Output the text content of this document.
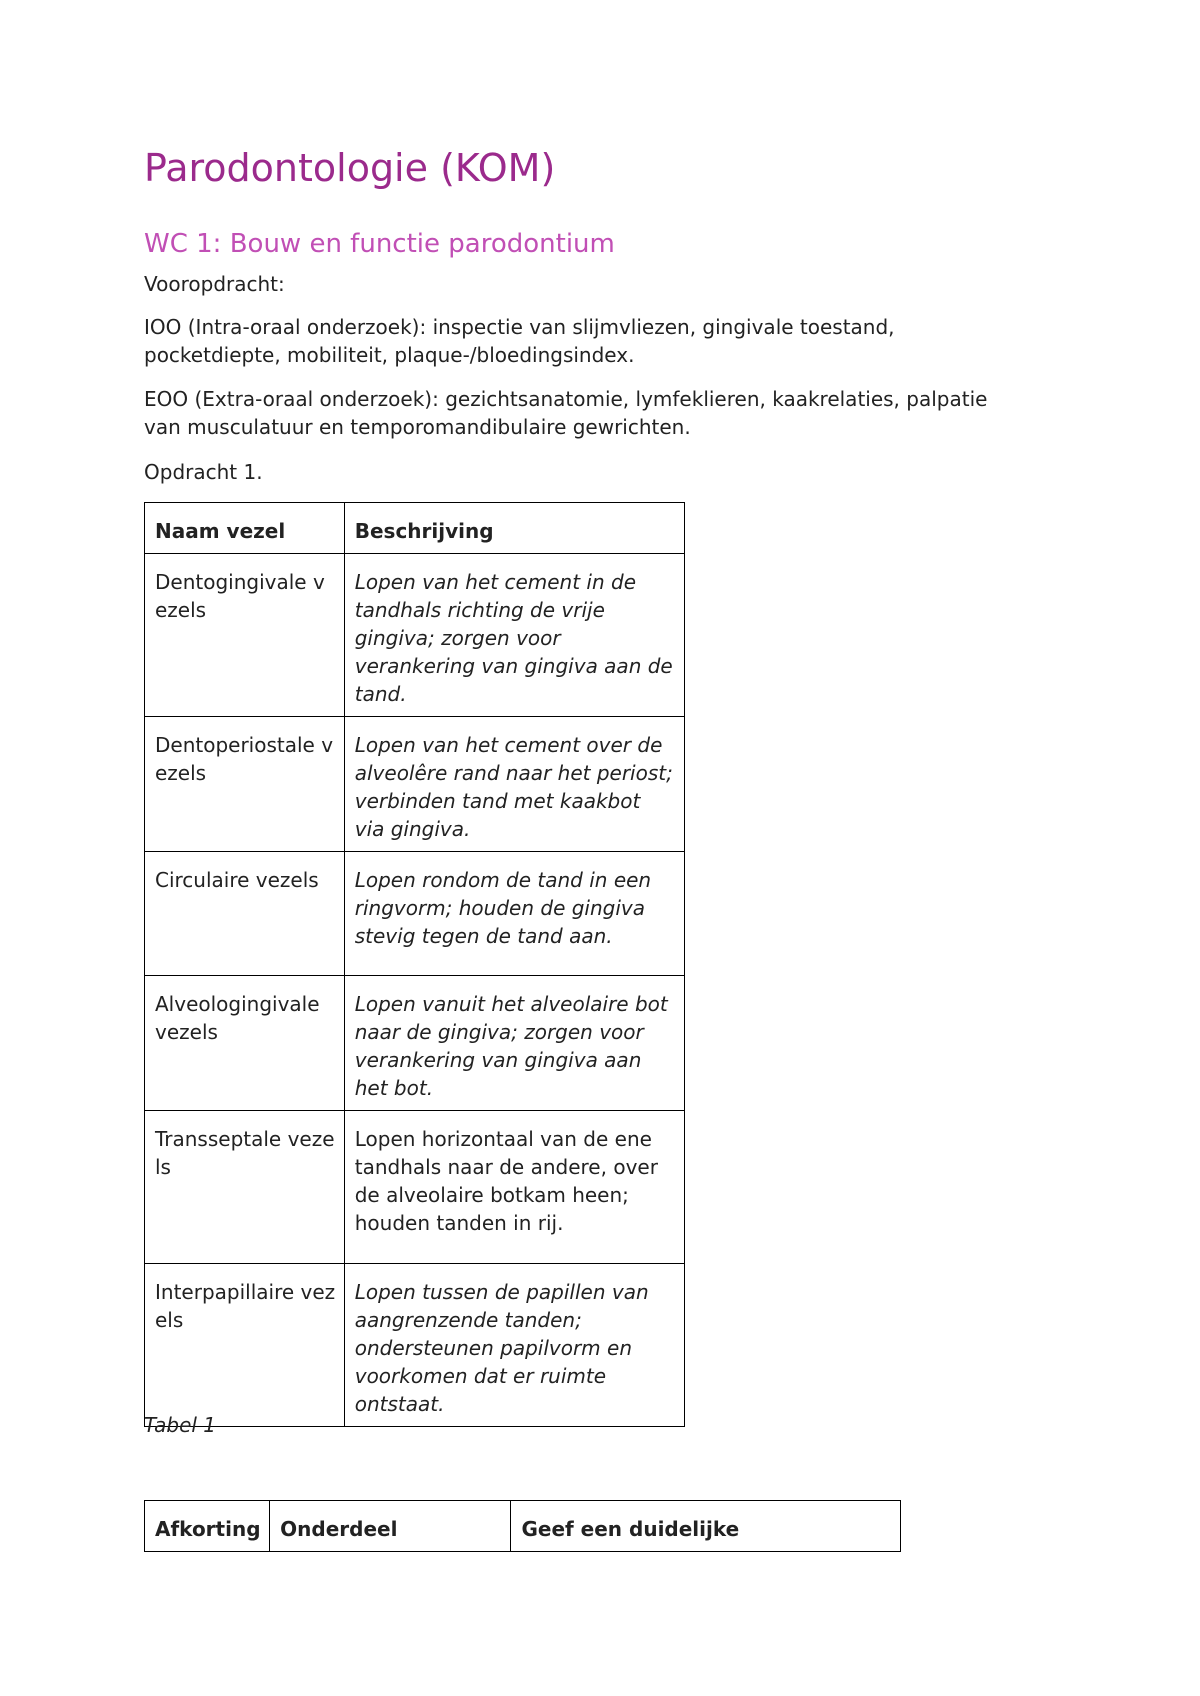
Parodontologie (KOM)
WC 1: Bouw en functie parodontium

Vooropdracht:

IOO (Intra-oraal onderzoek): inspectie van slijmvliezen, gingivale toestand, pocketdiepte, mobiliteit, plaque-/bloedingsindex.

EOO (Extra-oraal onderzoek): gezichtsanatomie, lymfeklieren, kaakrelaties, palpatie van musculatuur en temporomandibulaire gewrichten.

Opdracht 1.

Naam vezel	Beschrijving
Dentogingivale vezels	Lopen van het cement in de tandhals richting de vrije gingiva; zorgen voor verankering van gingiva aan de tand.
Dentoperiostale vezels	Lopen van het cement over de alveolêre rand naar het periost; verbinden tand met kaakbot via gingiva.
Circulaire vezels	Lopen rondom de tand in een ringvorm; houden de gingiva stevig tegen de tand aan.
Alveologingivale vezels	Lopen vanuit het alveolaire bot naar de gingiva; zorgen voor verankering van gingiva aan het bot.
Transseptale vezels	Lopen horizontaal van de ene tandhals naar de andere, over de alveolaire botkam heen; houden tanden in rij.
Interpapillaire vezels	Lopen tussen de papillen van aangrenzende tanden; ondersteunen papilvorm en voorkomen dat er ruimte ontstaat.

Tabel 1

Afkorting	Onderdeel	Geef een duidelijke
